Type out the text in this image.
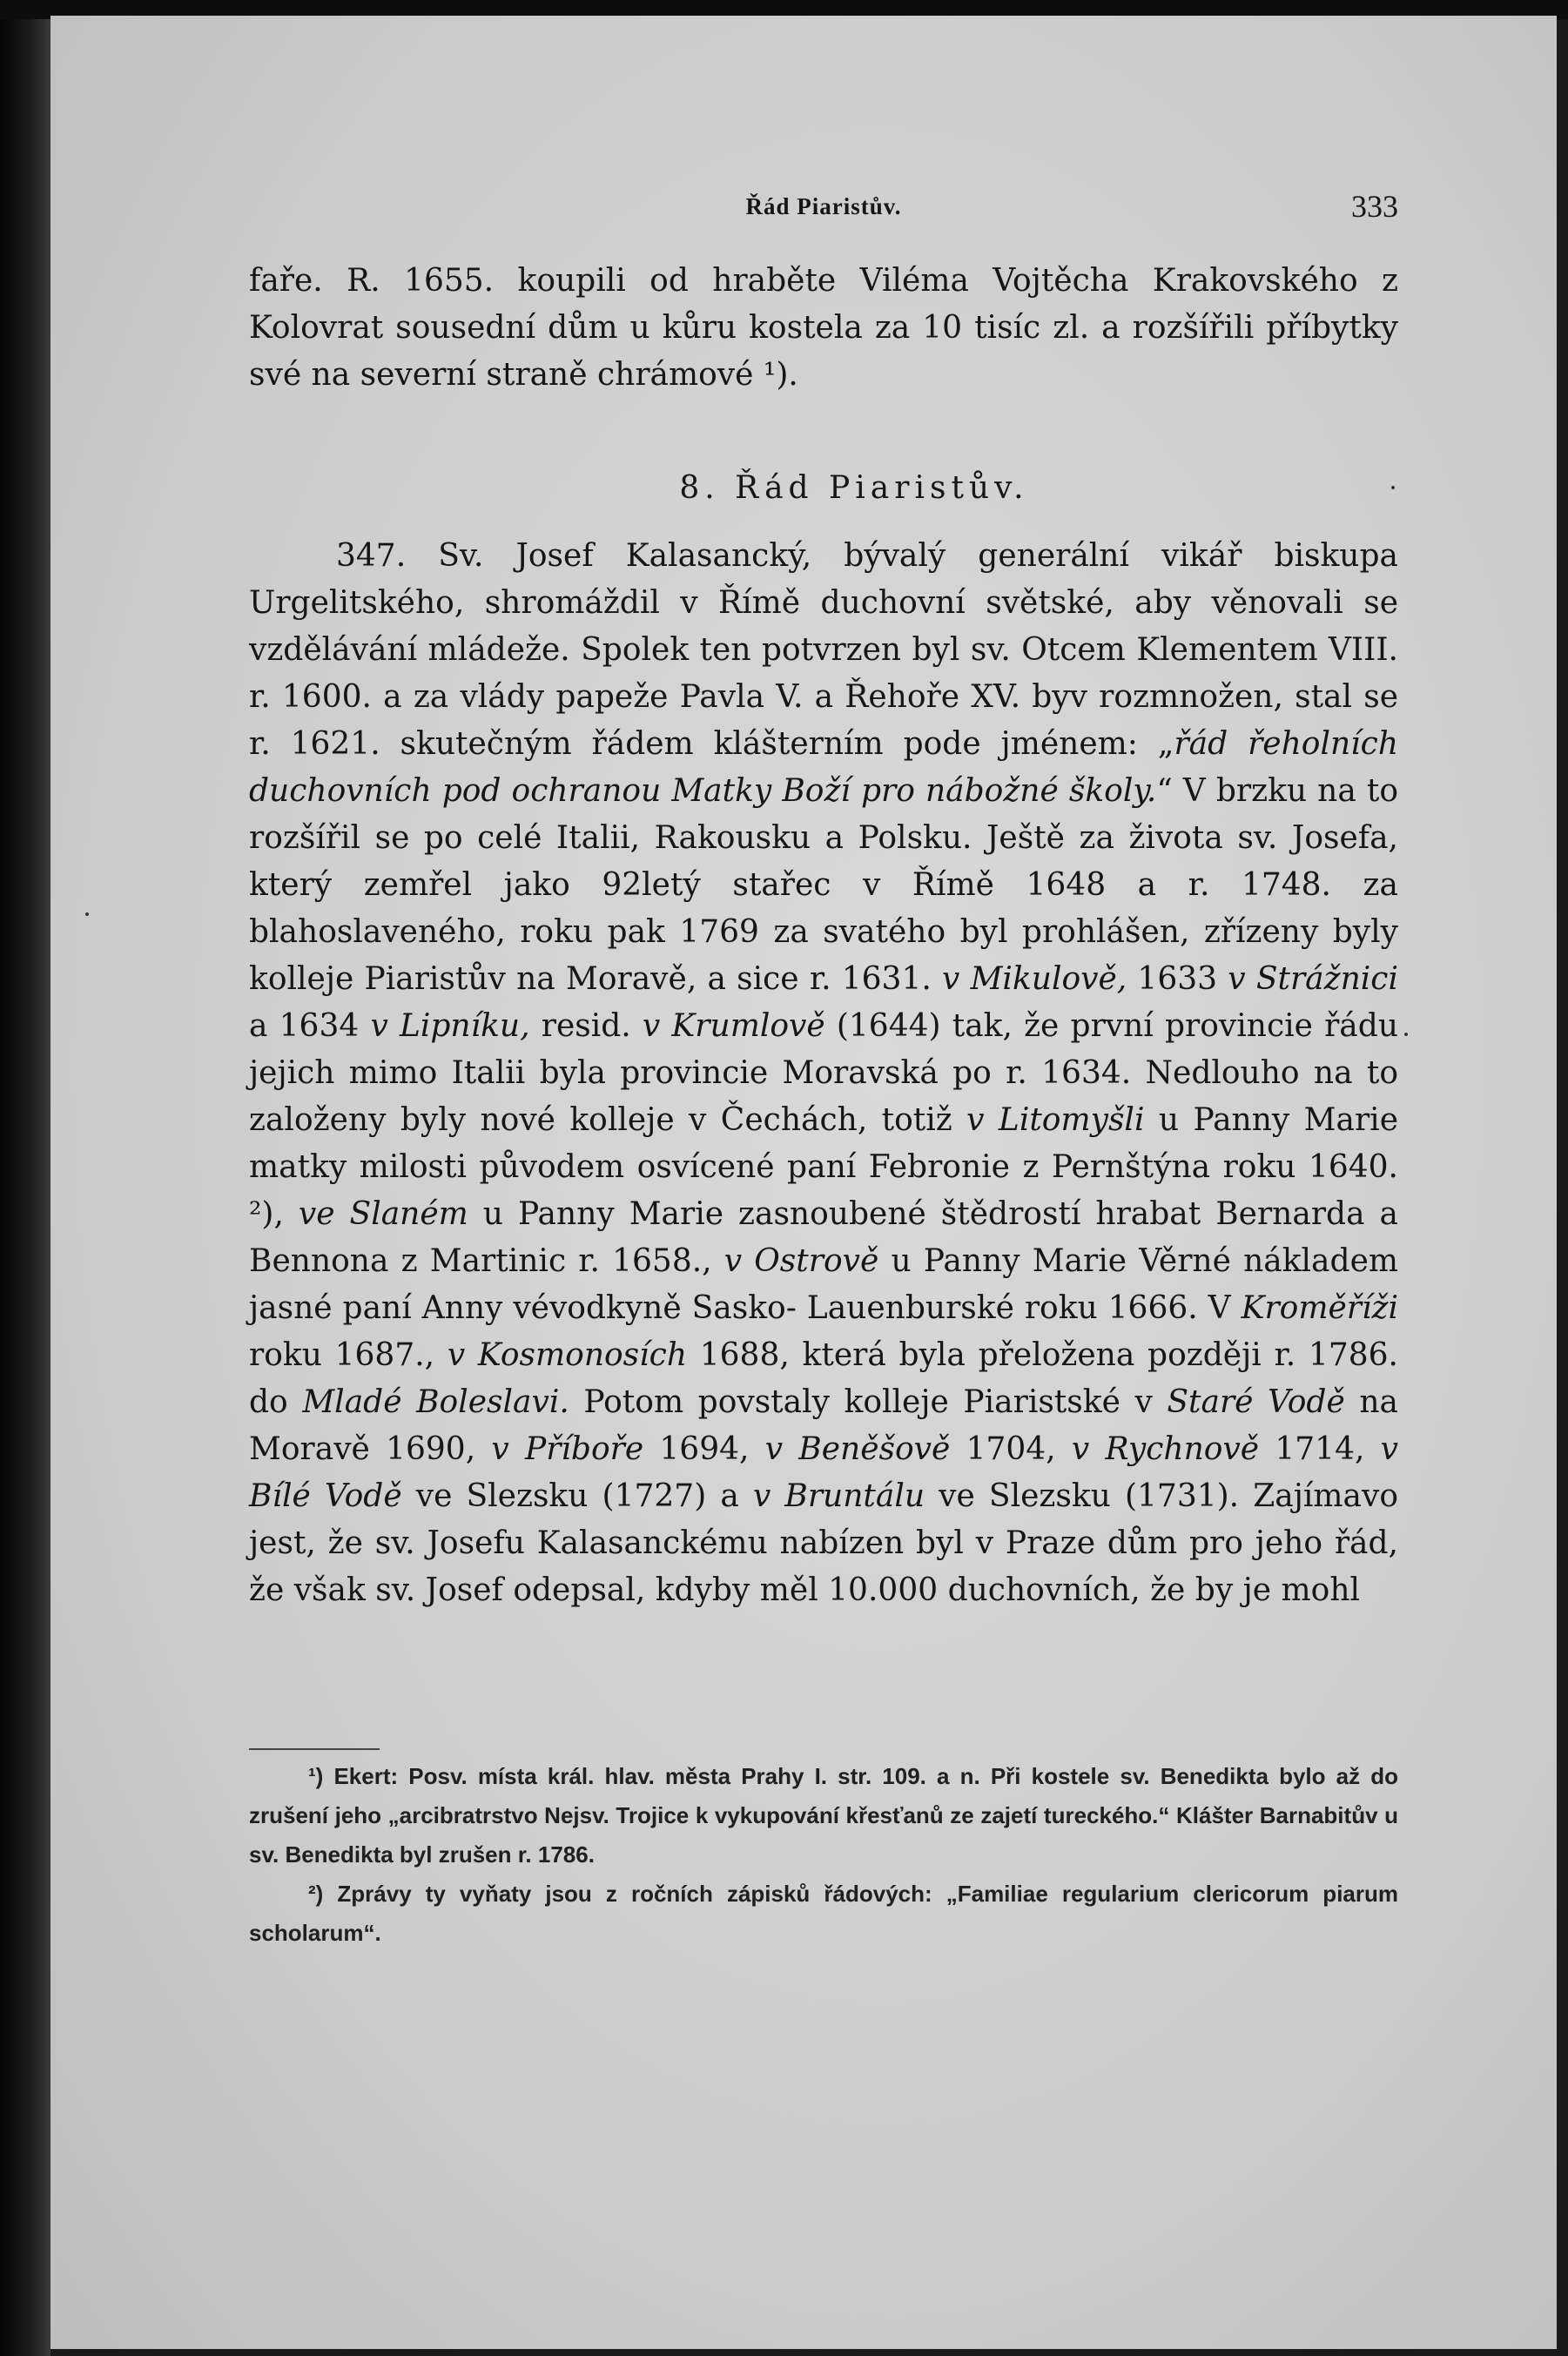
Řád Piaristův.	333

faře. R. 1655. koupili od hraběte Viléma Vojtěcha Krakovského z Kolovrat sousední dům u kůru kostela za 10 tisíc zl. a rozšířili příbytky své na severní straně chrámové ¹).

8. Řád Piaristův.

347. Sv. Josef Kalasancký, bývalý generální vikář biskupa Urgelitského, shromáždil v Římě duchovní světské, aby věnovali se vzdělávání mládeže. Spolek ten potvrzen byl sv. Otcem Klementem VIII. r. 1600. a za vlády papeže Pavla V. a Řehoře XV. byv rozmnožen, stal se r. 1621. skutečným řádem klášterním pode jménem: „řád řeholních duchovních pod ochranou Matky Boží pro nábožné školy.“ V brzku na to rozšířil se po celé Italii, Rakousku a Polsku. Ještě za života sv. Josefa, který zemřel jako 92letý stařec v Římě 1648 a r. 1748. za blahoslaveného, roku pak 1769 za svatého byl prohlášen, zřízeny byly kolleje Piaristův na Moravě, a sice r. 1631. v Mikulově, 1633 v Strážnici a 1634 v Lipníku, resid. v Krumlově (1644) tak, že první provincie řádu jejich mimo Italii byla provincie Moravská po r. 1634. Nedlouho na to založeny byly nové kolleje v Čechách, totiž v Litomyšli u Panny Marie matky milosti původem osvícené paní Febronie z Pernštýna roku 1640. ²), ve Slaném u Panny Marie zasnoubené štědrostí hrabat Bernarda a Bennona z Martinic r. 1658., v Ostrově u Panny Marie Věrné nákladem jasné paní Anny vévodkyně Sasko- Lauenburské roku 1666. V Kroměříži roku 1687., v Kosmonosích 1688, která byla přeložena později r. 1786. do Mladé Boleslavi. Potom povstaly kolleje Piaristské v Staré Vodě na Moravě 1690, v Příboře 1694, v Beněšově 1704, v Rychnově 1714, v Bílé Vodě ve Slezsku (1727) a v Bruntálu ve Slezsku (1731). Zajímavo jest, že sv. Josefu Kalasanckému nabízen byl v Praze dům pro jeho řád, že však sv. Josef odepsal, kdyby měl 10.000 duchovních, že by je mohl

¹) Ekert: Posv. místa král. hlav. města Prahy I. str. 109. a n. Při kostele sv. Benedikta bylo až do zrušení jeho „arcibratrstvo Nejsv. Trojice k vykupování křesťanů ze zajetí tureckého.“ Klášter Barnabitův u sv. Benedikta byl zrušen r. 1786.

²) Zprávy ty vyňaty jsou z ročních zápisků řádových: „Familiae regularium clericorum piarum scholarum“.
